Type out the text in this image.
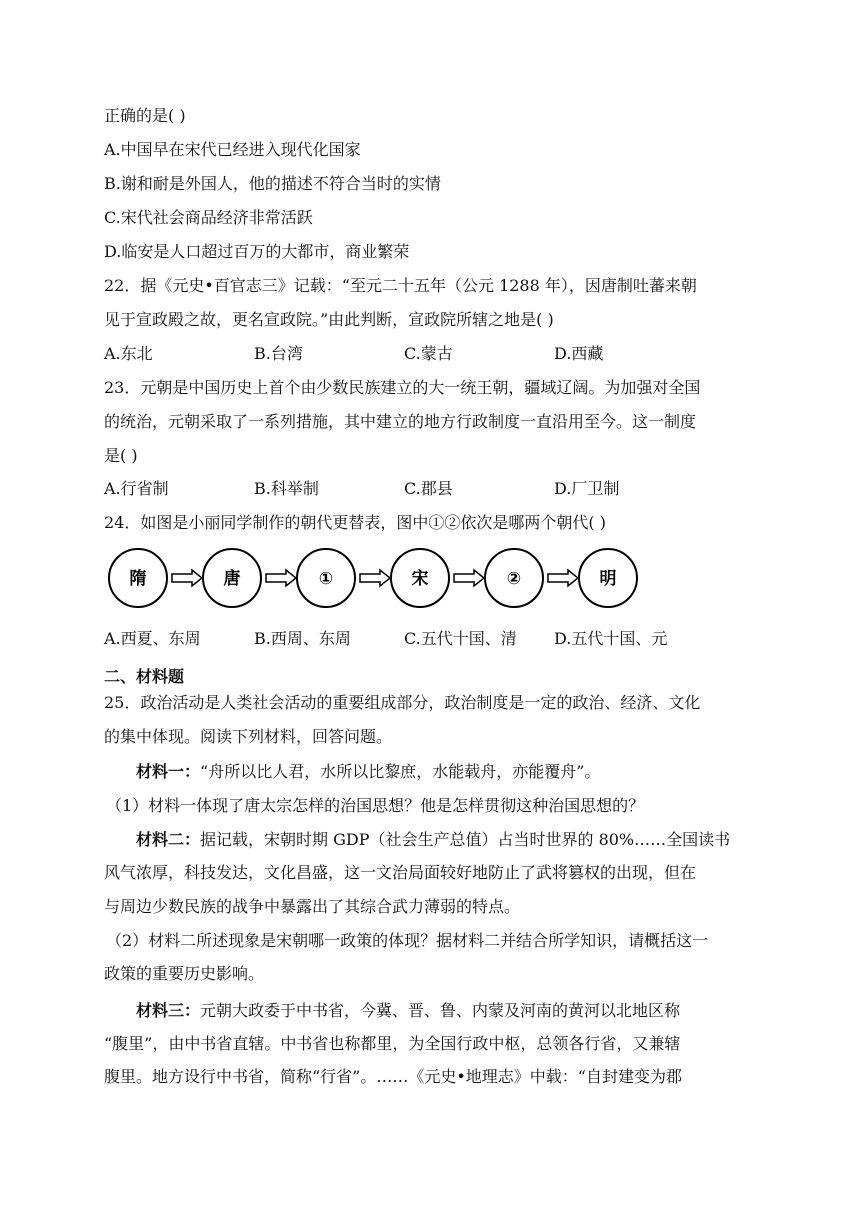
正确的是( )
A.中国早在宋代已经进入现代化国家
B.谢和耐是外国人，他的描述不符合当时的实情
C.宋代社会商品经济非常活跃
D.临安是人口超过百万的大都市，商业繁荣
22．据《元史•百官志三》记载：“至元二十五年（公元 1288 年），因唐制吐蕃来朝
见于宣政殿之故，更名宣政院。”由此判断，宣政院所辖之地是( )
A.东北	B.台湾	C.蒙古	D.西藏
23．元朝是中国历史上首个由少数民族建立的大一统王朝，疆域辽阔。为加强对全国
的统治，元朝采取了一系列措施，其中建立的地方行政制度一直沿用至今。这一制度
是( )
A.行省制	B.科举制	C.郡县	D.厂卫制
24．如图是小丽同学制作的朝代更替表，图中①②依次是哪两个朝代( )
隋	唐	①	宋	②	明
A.西夏、东周	B.西周、东周	C.五代十国、清 D.五代十国、元
二、材料题
25．政治活动是人类社会活动的重要组成部分，政治制度是一定的政治、经济、文化
的集中体现。阅读下列材料，回答问题。
材料一：“舟所以比人君，水所以比黎庶，水能载舟，亦能覆舟”。
（1）材料一体现了唐太宗怎样的治国思想？他是怎样贯彻这种治国思想的？
材料二：据记载，宋朝时期 GDP（社会生产总值）占当时世界的 80%……全国读书
风气浓厚，科技发达，文化昌盛，这一文治局面较好地防止了武将篡权的出现，但在
与周边少数民族的战争中暴露出了其综合武力薄弱的特点。
（2）材料二所述现象是宋朝哪一政策的体现？据材料二并结合所学知识，请概括这一
政策的重要历史影响。
材料三：元朝大政委于中书省，今冀、晋、鲁、内蒙及河南的黄河以北地区称
“腹里”，由中书省直辖。中书省也称都里，为全国行政中枢，总领各行省，又兼辖
腹里。地方设行中书省，简称“行省”。……《元史•地理志》中载：“自封建变为郡
